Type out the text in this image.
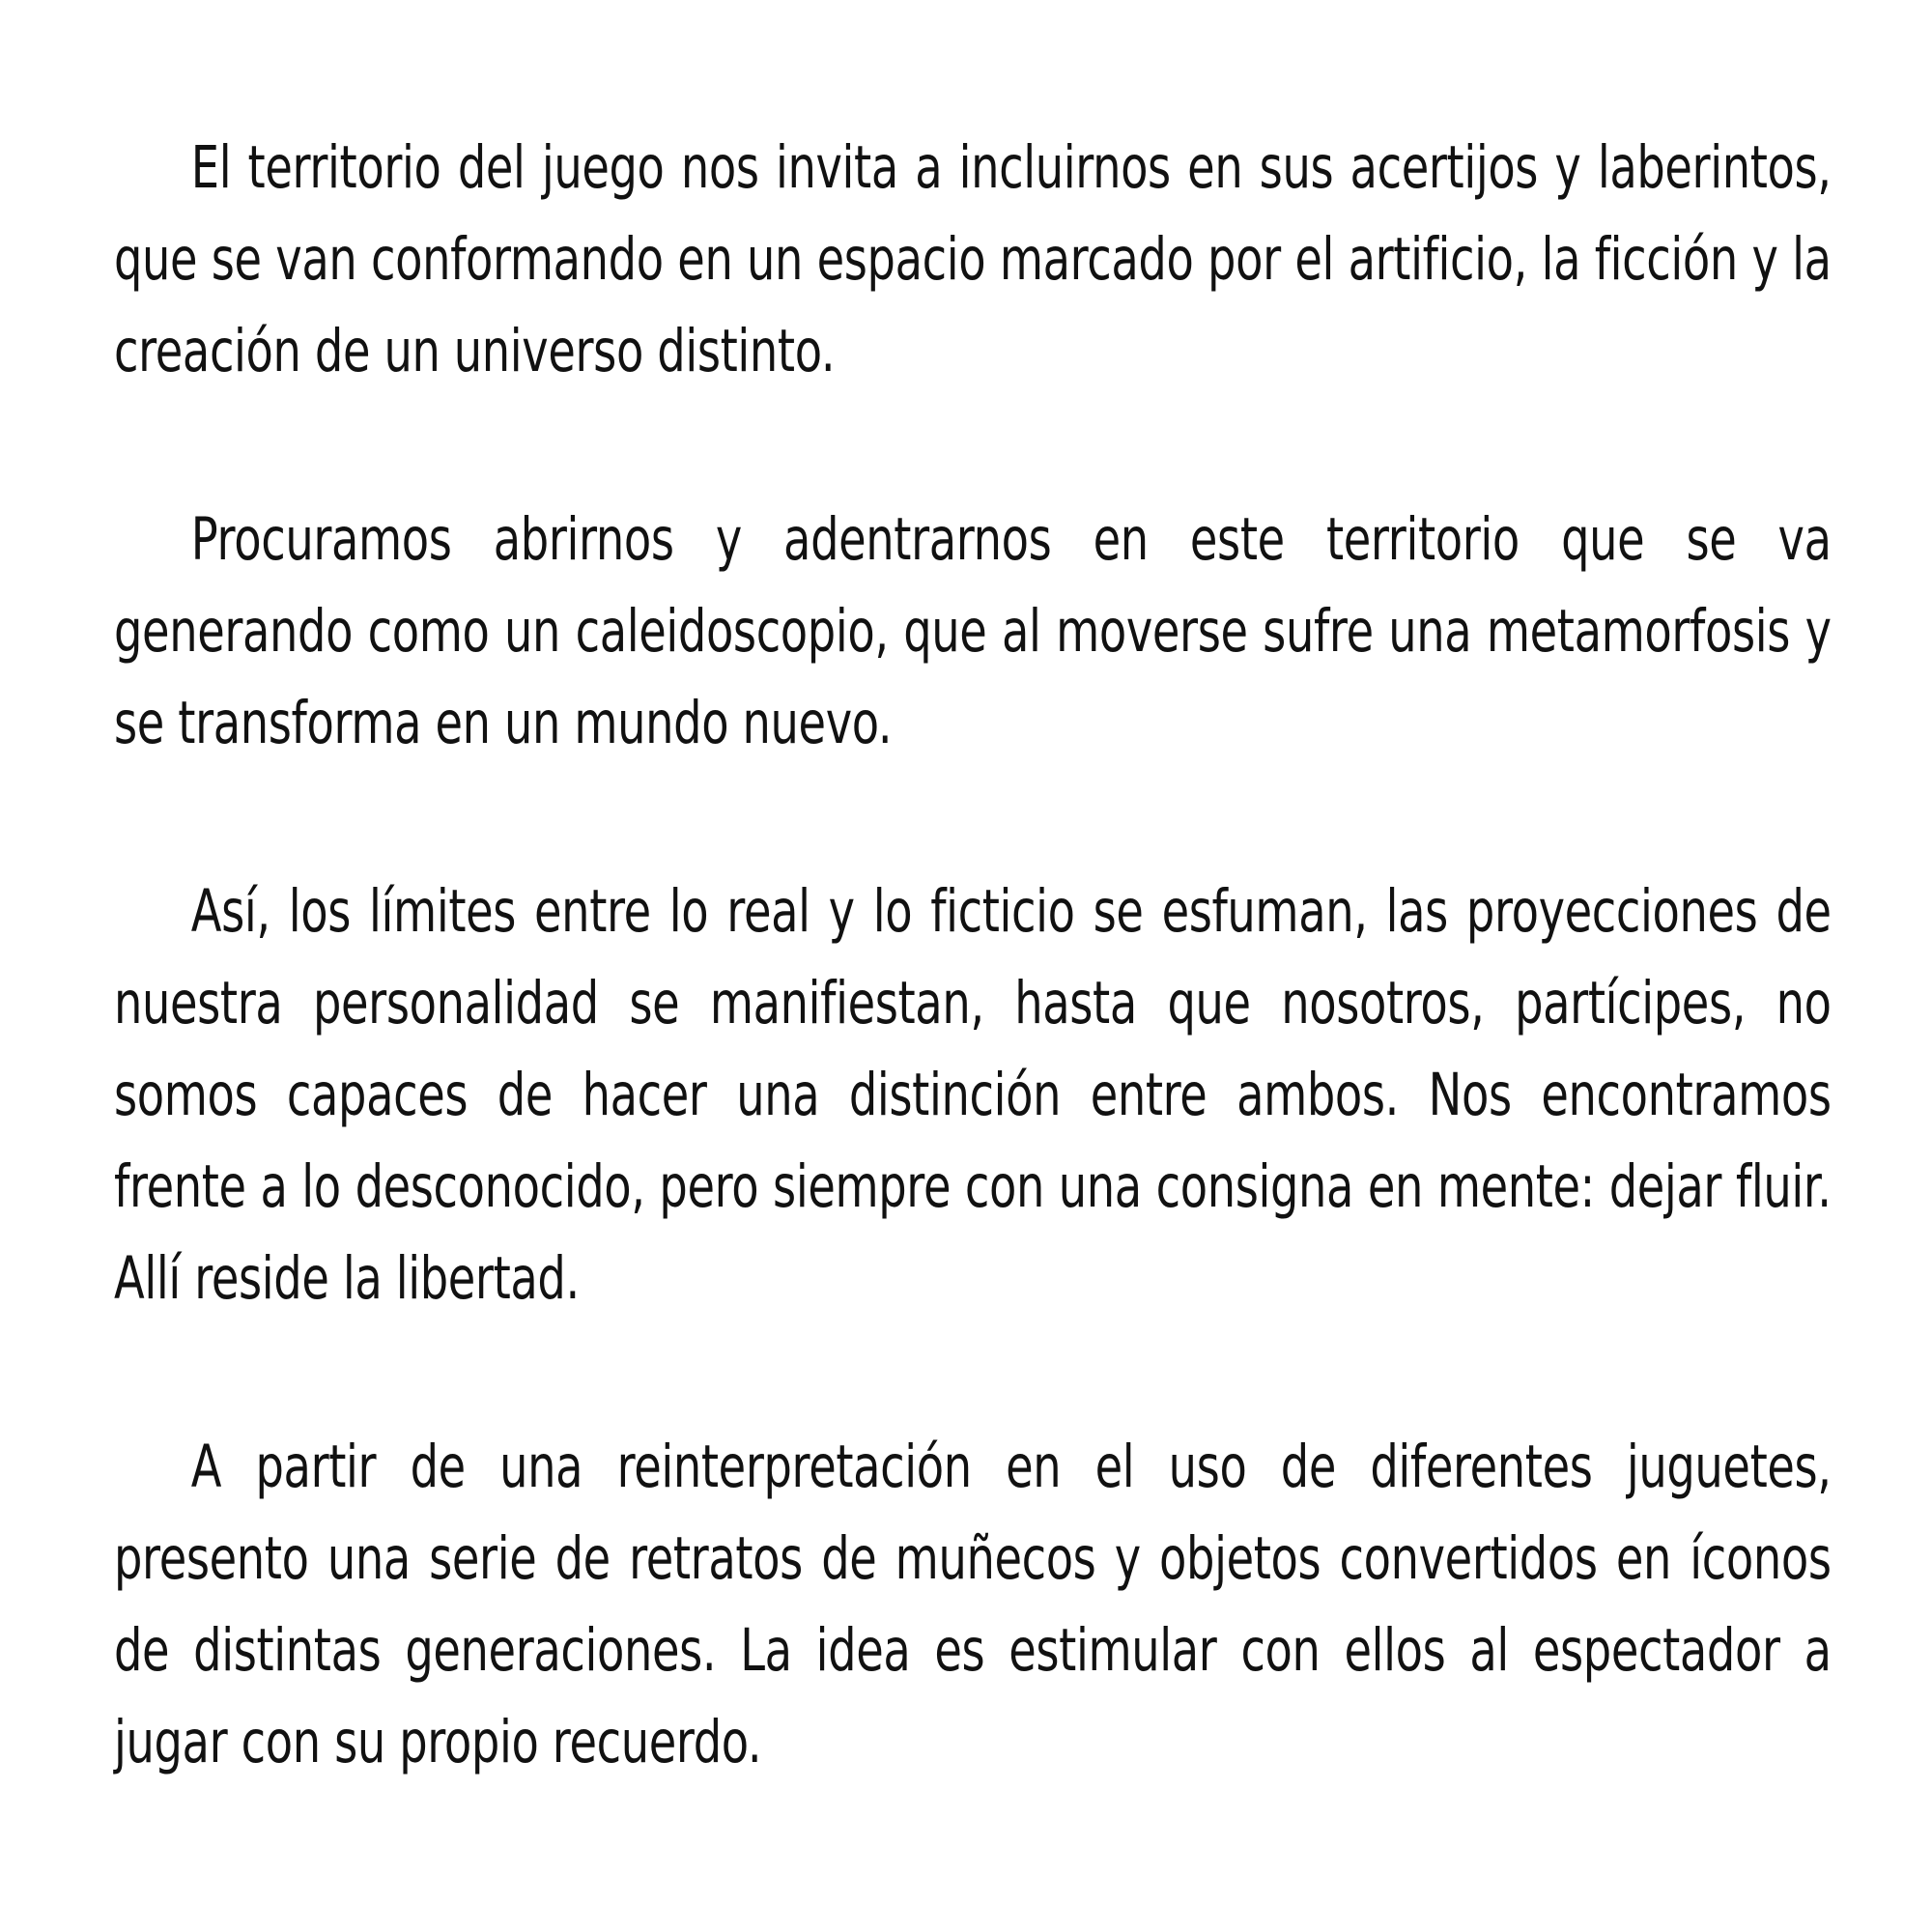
El territorio del juego nos invita a incluirnos en sus acertijos y laberintos, que se van conformando en un espacio marcado por el artificio, la ficción y la creación de un universo distinto.

Procuramos abrirnos y adentrarnos en este territorio que se va generando como un caleidoscopio, que al moverse sufre una metamorfosis y se transforma en un mundo nuevo.

Así, los límites entre lo real y lo ficticio se esfuman, las proyecciones de nuestra personalidad se manifiestan, hasta que nosotros, partícipes, no somos capaces de hacer una distinción entre ambos. Nos encontramos frente a lo desconocido, pero siempre con una consigna en mente: dejar fluir. Allí reside la libertad.

A partir de una reinterpretación en el uso de diferentes juguetes, presento una serie de retratos de muñecos y objetos convertidos en íconos de distintas generaciones. La idea es estimular con ellos al espectador a jugar con su propio recuerdo.
